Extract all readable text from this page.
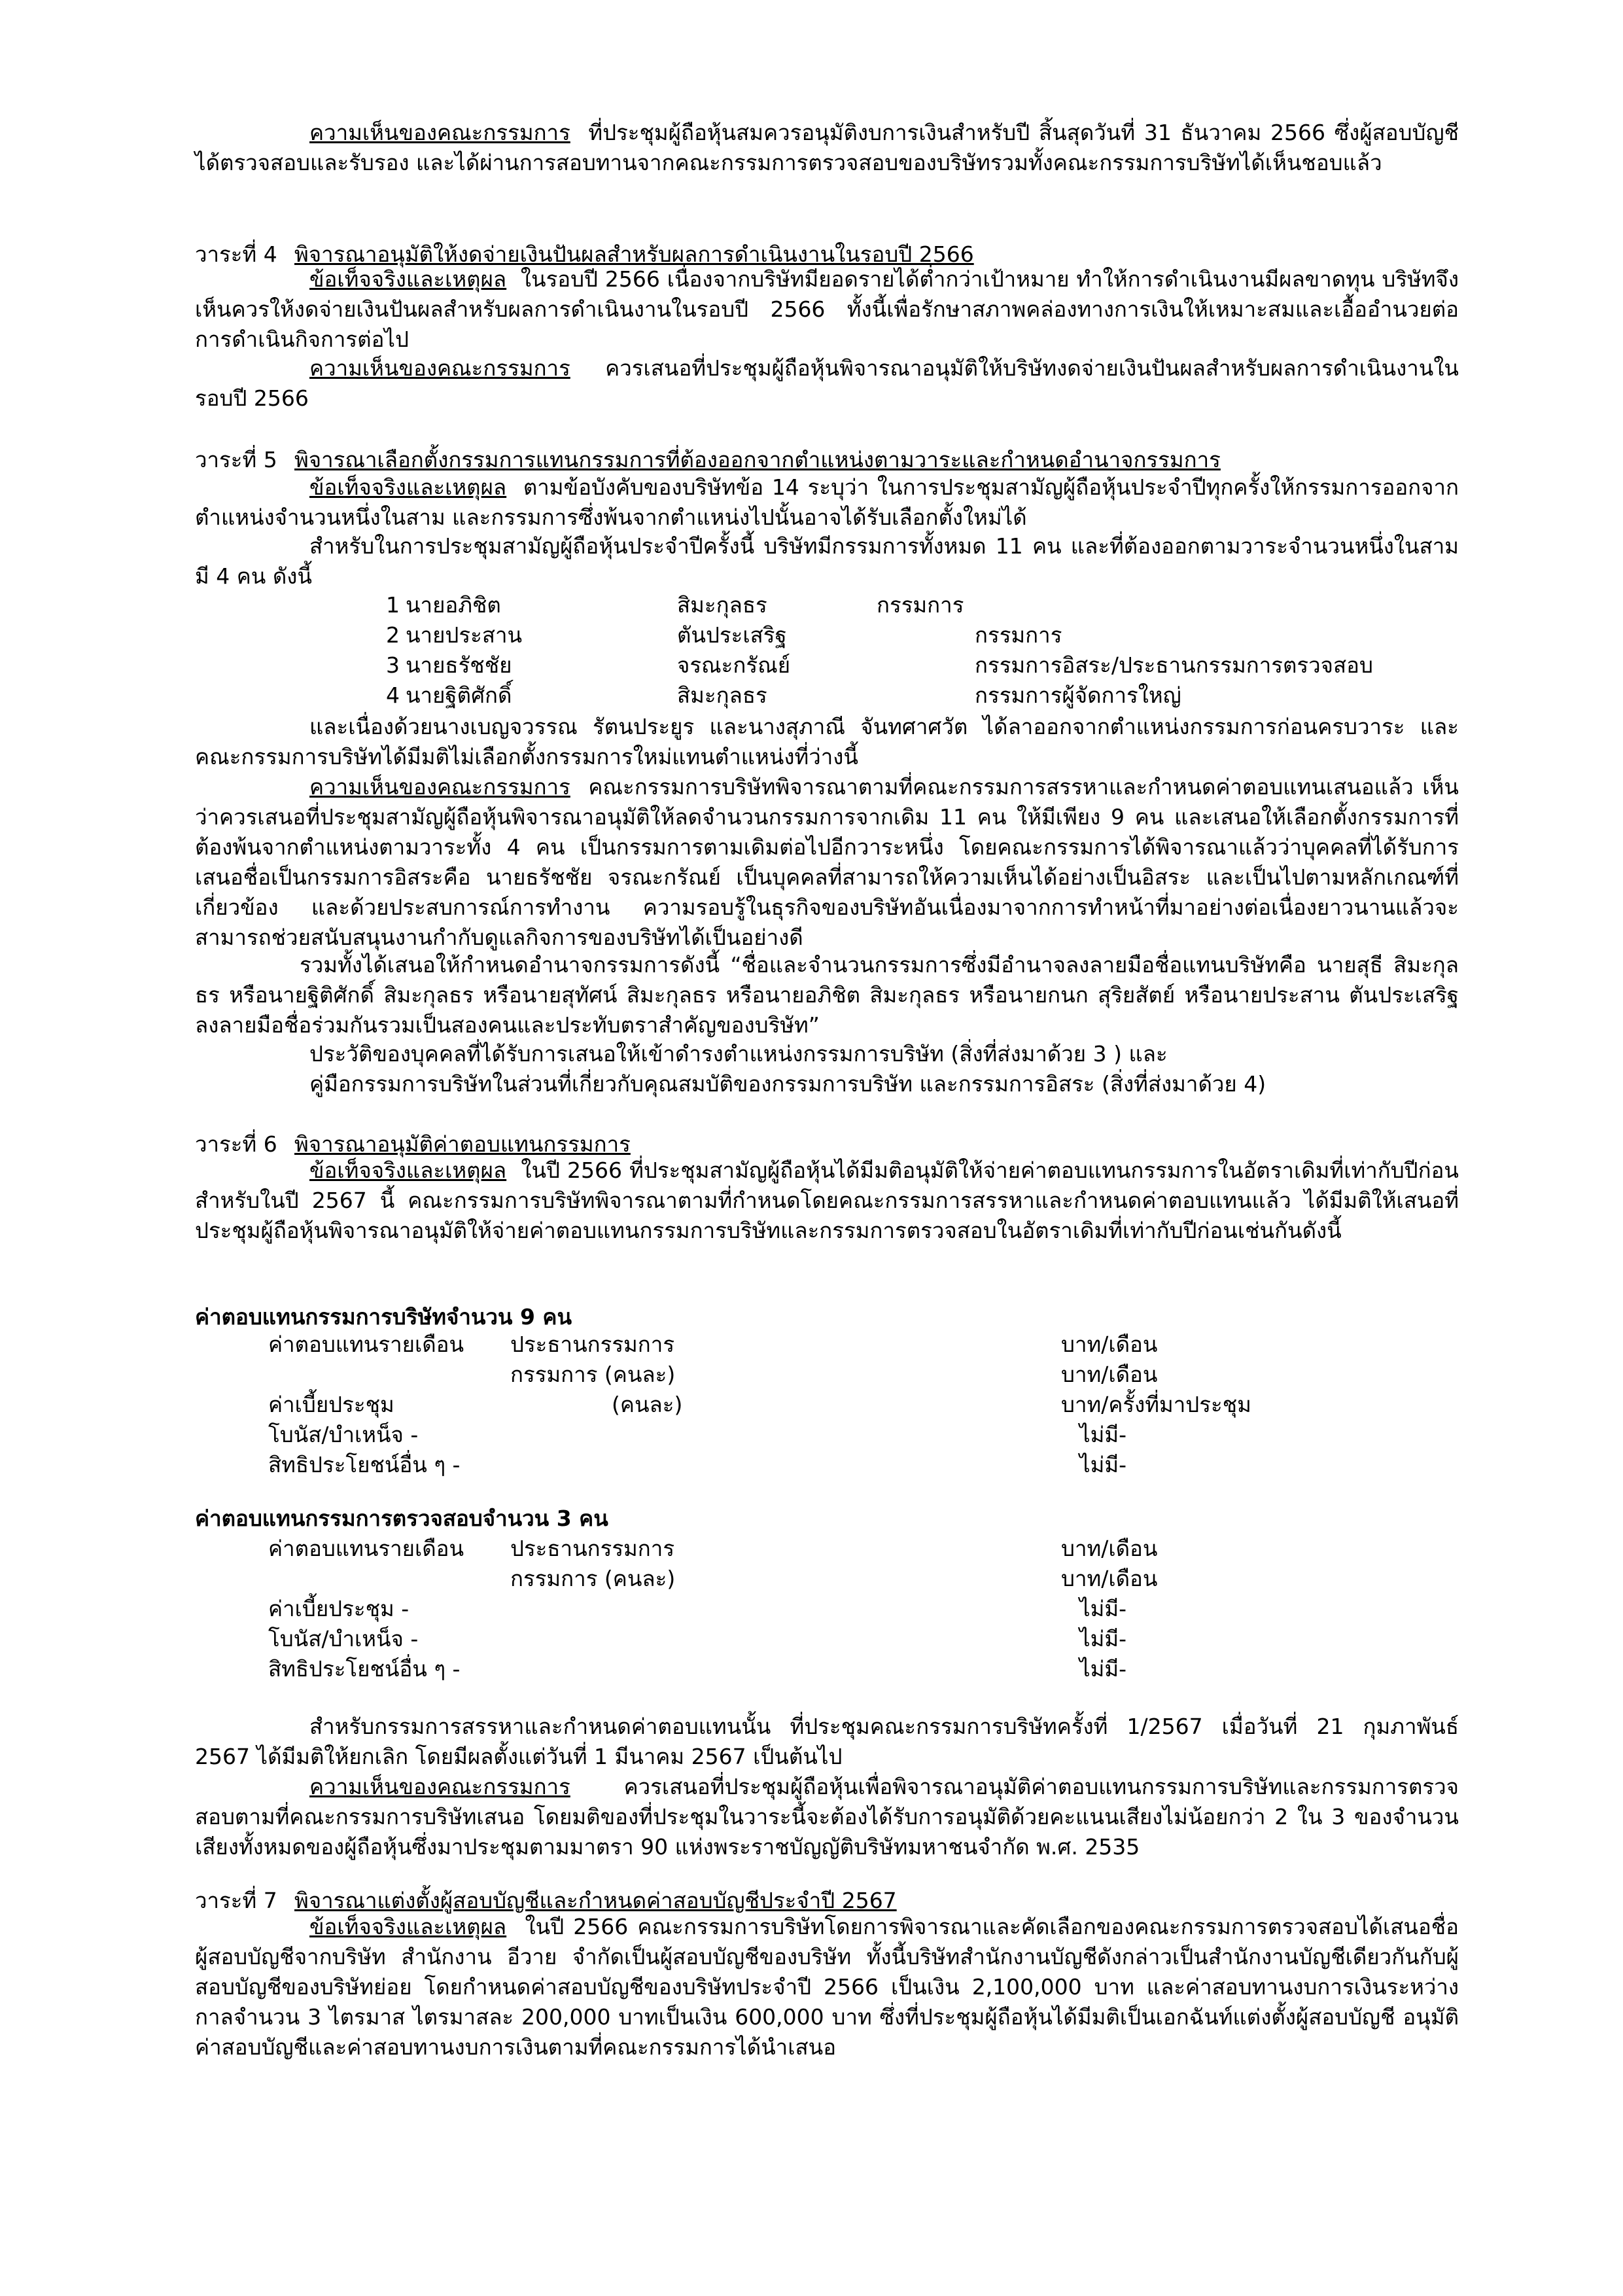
ความเห็นของคณะกรรมการ ที่ประชุมผู้ถือหุ้นสมควรอนุมัติงบการเงินสำหรับปี สิ้นสุดวันที่ 31 ธันวาคม 2566 ซึ่งผู้สอบบัญชีได้ตรวจสอบและรับรอง และได้ผ่านการสอบทานจากคณะกรรมการตรวจสอบของบริษัทรวมทั้งคณะกรรมการบริษัทได้เห็นชอบแล้ว

วาระที่ 4 พิจารณาอนุมัติให้งดจ่ายเงินปันผลสำหรับผลการดำเนินงานในรอบปี 2566

ข้อเท็จจริงและเหตุผล ในรอบปี 2566 เนื่องจากบริษัทมียอดรายได้ต่ำกว่าเป้าหมาย ทำให้การดำเนินงานมีผลขาดทุน บริษัทจึงเห็นควรให้งดจ่ายเงินปันผลสำหรับผลการดำเนินงานในรอบปี 2566 ทั้งนี้เพื่อรักษาสภาพคล่องทางการเงินให้เหมาะสมและเอื้ออำนวยต่อการดำเนินกิจการต่อไป

ความเห็นของคณะกรรมการ ควรเสนอที่ประชุมผู้ถือหุ้นพิจารณาอนุมัติให้บริษัทงดจ่ายเงินปันผลสำหรับผลการดำเนินงานในรอบปี 2566

วาระที่ 5 พิจารณาเลือกตั้งกรรมการแทนกรรมการที่ต้องออกจากตำแหน่งตามวาระและกำหนดอำนาจกรรมการ

ข้อเท็จจริงและเหตุผล ตามข้อบังคับของบริษัทข้อ 14 ระบุว่า ในการประชุมสามัญผู้ถือหุ้นประจำปีทุกครั้งให้กรรมการออกจากตำแหน่งจำนวนหนึ่งในสาม และกรรมการซึ่งพ้นจากตำแหน่งไปนั้นอาจได้รับเลือกตั้งใหม่ได้

สำหรับในการประชุมสามัญผู้ถือหุ้นประจำปีครั้งนี้ บริษัทมีกรรมการทั้งหมด 11 คน และที่ต้องออกตามวาระจำนวนหนึ่งในสามมี 4 คน ดังนี้

1 นายอภิชิต	สิมะกุลธร	กรรมการ
2 นายประสาน	ตันประเสริฐ	กรรมการ
3 นายธรัชชัย	จรณะกรัณย์	กรรมการอิสระ/ประธานกรรมการตรวจสอบ
4 นายฐิติศักดิ์	สิมะกุลธร	กรรมการผู้จัดการใหญ่

และเนื่องด้วยนางเบญจวรรณ รัตนประยูร และนางสุภาณี จันทศาศวัต ได้ลาออกจากตำแหน่งกรรมการก่อนครบวาระ และคณะกรรมการบริษัทได้มีมติไม่เลือกตั้งกรรมการใหม่แทนตำแหน่งที่ว่างนี้

ความเห็นของคณะกรรมการ คณะกรรมการบริษัทพิจารณาตามที่คณะกรรมการสรรหาและกำหนดค่าตอบแทนเสนอแล้ว เห็นว่าควรเสนอที่ประชุมสามัญผู้ถือหุ้นพิจารณาอนุมัติให้ลดจำนวนกรรมการจากเดิม 11 คน ให้มีเพียง 9 คน และเสนอให้เลือกตั้งกรรมการที่ต้องพ้นจากตำแหน่งตามวาระทั้ง 4 คน เป็นกรรมการตามเดิมต่อไปอีกวาระหนึ่ง โดยคณะกรรมการได้พิจารณาแล้วว่าบุคคลที่ได้รับการเสนอชื่อเป็นกรรมการอิสระคือ นายธรัชชัย จรณะกรัณย์ เป็นบุคคลที่สามารถให้ความเห็นได้อย่างเป็นอิสระ และเป็นไปตามหลักเกณฑ์ที่เกี่ยวข้อง และด้วยประสบการณ์การทำงาน ความรอบรู้ในธุรกิจของบริษัทอันเนื่องมาจากการทำหน้าที่มาอย่างต่อเนื่องยาวนานแล้วจะสามารถช่วยสนับสนุนงานกำกับดูแลกิจการของบริษัทได้เป็นอย่างดี

รวมทั้งได้เสนอให้กำหนดอำนาจกรรมการดังนี้ “ชื่อและจำนวนกรรมการซึ่งมีอำนาจลงลายมือชื่อแทนบริษัทคือ นายสุธี สิมะกุลธร หรือนายฐิติศักดิ์ สิมะกุลธร หรือนายสุทัศน์ สิมะกุลธร หรือนายอภิชิต สิมะกุลธร หรือนายกนก สุริยสัตย์ หรือนายประสาน ตันประเสริฐ ลงลายมือชื่อร่วมกันรวมเป็นสองคนและประทับตราสำคัญของบริษัท”

ประวัติของบุคคลที่ได้รับการเสนอให้เข้าดำรงตำแหน่งกรรมการบริษัท (สิ่งที่ส่งมาด้วย 3 ) และ

คู่มือกรรมการบริษัทในส่วนที่เกี่ยวกับคุณสมบัติของกรรมการบริษัท และกรรมการอิสระ (สิ่งที่ส่งมาด้วย 4)

วาระที่ 6 พิจารณาอนุมัติค่าตอบแทนกรรมการ

ข้อเท็จจริงและเหตุผล ในปี 2566 ที่ประชุมสามัญผู้ถือหุ้นได้มีมติอนุมัติให้จ่ายค่าตอบแทนกรรมการในอัตราเดิมที่เท่ากับปีก่อน สำหรับในปี 2567 นี้ คณะกรรมการบริษัทพิจารณาตามที่กำหนดโดยคณะกรรมการสรรหาและกำหนดค่าตอบแทนแล้ว ได้มีมติให้เสนอที่ประชุมผู้ถือหุ้นพิจารณาอนุมัติให้จ่ายค่าตอบแทนกรรมการบริษัทและกรรมการตรวจสอบในอัตราเดิมที่เท่ากับปีก่อนเช่นกันดังนี้

ค่าตอบแทนกรรมการบริษัทจำนวน 9 คน

ค่าตอบแทนรายเดือน ประธานกรรมการ	บาท/เดือน
กรรมการ (คนละ)	บาท/เดือน
ค่าเบี้ยประชุม	(คนละ)	บาท/ครั้งที่มาประชุม
โบนัส/บำเหน็จ -	ไม่มี-
สิทธิประโยชน์อื่น ๆ -	ไม่มี-

ค่าตอบแทนกรรมการตรวจสอบจำนวน 3 คน

ค่าตอบแทนรายเดือน ประธานกรรมการ	บาท/เดือน
กรรมการ (คนละ)	บาท/เดือน
ค่าเบี้ยประชุม -	ไม่มี-
โบนัส/บำเหน็จ -	ไม่มี-
สิทธิประโยชน์อื่น ๆ -	ไม่มี-

สำหรับกรรมการสรรหาและกำหนดค่าตอบแทนนั้น ที่ประชุมคณะกรรมการบริษัทครั้งที่ 1/2567 เมื่อวันที่ 21 กุมภาพันธ์ 2567 ได้มีมติให้ยกเลิก โดยมีผลตั้งแต่วันที่ 1 มีนาคม 2567 เป็นต้นไป

ความเห็นของคณะกรรมการ ควรเสนอที่ประชุมผู้ถือหุ้นเพื่อพิจารณาอนุมัติค่าตอบแทนกรรมการบริษัทและกรรมการตรวจสอบตามที่คณะกรรมการบริษัทเสนอ โดยมติของที่ประชุมในวาระนี้จะต้องได้รับการอนุมัติด้วยคะแนนเสียงไม่น้อยกว่า 2 ใน 3 ของจำนวนเสียงทั้งหมดของผู้ถือหุ้นซึ่งมาประชุมตามมาตรา 90 แห่งพระราชบัญญัติบริษัทมหาชนจำกัด พ.ศ. 2535

วาระที่ 7 พิจารณาแต่งตั้งผู้สอบบัญชีและกำหนดค่าสอบบัญชีประจำปี 2567

ข้อเท็จจริงและเหตุผล ในปี 2566 คณะกรรมการบริษัทโดยการพิจารณาและคัดเลือกของคณะกรรมการตรวจสอบได้เสนอชื่อผู้สอบบัญชีจากบริษัท สำนักงาน อีวาย จำกัดเป็นผู้สอบบัญชีของบริษัท ทั้งนี้บริษัทสำนักงานบัญชีดังกล่าวเป็นสำนักงานบัญชีเดียวกันกับผู้สอบบัญชีของบริษัทย่อย โดยกำหนดค่าสอบบัญชีของบริษัทประจำปี 2566 เป็นเงิน 2,100,000 บาท และค่าสอบทานงบการเงินระหว่างกาลจำนวน 3 ไตรมาส ไตรมาสละ 200,000 บาทเป็นเงิน 600,000 บาท ซึ่งที่ประชุมผู้ถือหุ้นได้มีมติเป็นเอกฉันท์แต่งตั้งผู้สอบบัญชี อนุมัติค่าสอบบัญชีและค่าสอบทานงบการเงินตามที่คณะกรรมการได้นำเสนอ
